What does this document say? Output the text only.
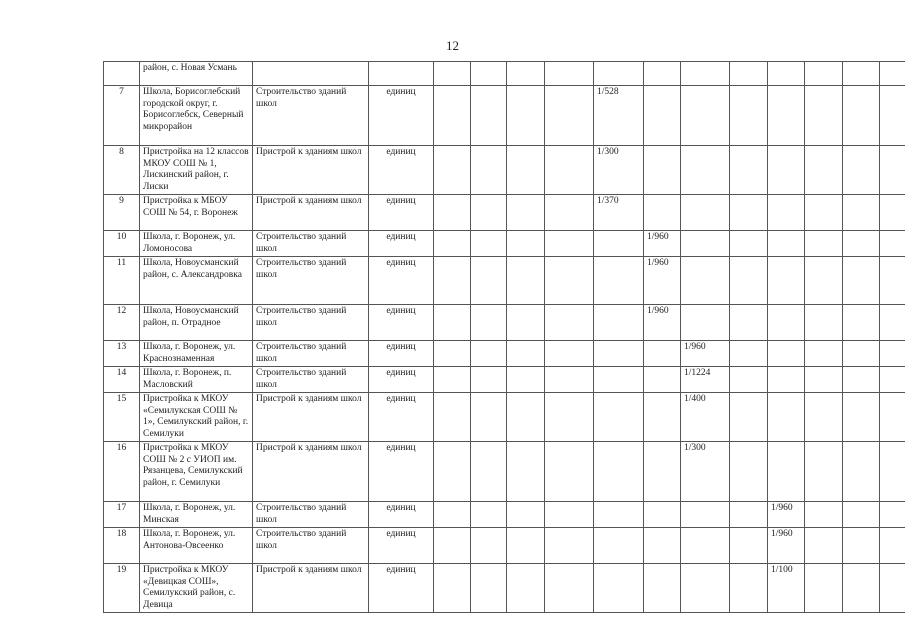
12
	район, с. Новая Усмань														
7	Школа, Борисоглебский городской округ, г. Борисоглебск, Северный микрорайон	Строительство зданий школ	единиц					1/528							
8	Пристройка на 12 классов МКОУ СОШ № 1, Лискинский район, г. Лиски	Пристрой к зданиям школ	единиц					1/300							
9	Пристройка к МБОУ СОШ № 54, г. Воронеж	Пристрой к зданиям школ	единиц					1/370							
10	Школа, г. Воронеж, ул. Ломоносова	Строительство зданий школ	единиц						1/960						
11	Школа, Новоусманский район, с. Александровка	Строительство зданий школ	единиц						1/960						
12	Школа, Новоусманский район, п. Отрадное	Строительство зданий школ	единиц						1/960						
13	Школа, г. Воронеж, ул. Краснознаменная	Строительство зданий школ	единиц							1/960					
14	Школа, г. Воронеж, п. Масловский	Строительство зданий школ	единиц							1/1224					
15	Пристройка к МКОУ «Семилукская СОШ № 1», Семилукский район, г. Семилуки	Пристрой к зданиям школ	единиц							1/400					
16	Пристройка к МКОУ СОШ № 2 с УИОП им. Рязанцева, Семилукский район, г. Семилуки	Пристрой к зданиям школ	единиц							1/300					
17	Школа, г. Воронеж, ул. Минская	Строительство зданий школ	единиц									1/960			
18	Школа, г. Воронеж, ул. Антонова-Овсеенко	Строительство зданий школ	единиц									1/960			
19	Пристройка к МКОУ «Девицкая СОШ», Семилукский район, с. Девица	Пристрой к зданиям школ	единиц									1/100			
